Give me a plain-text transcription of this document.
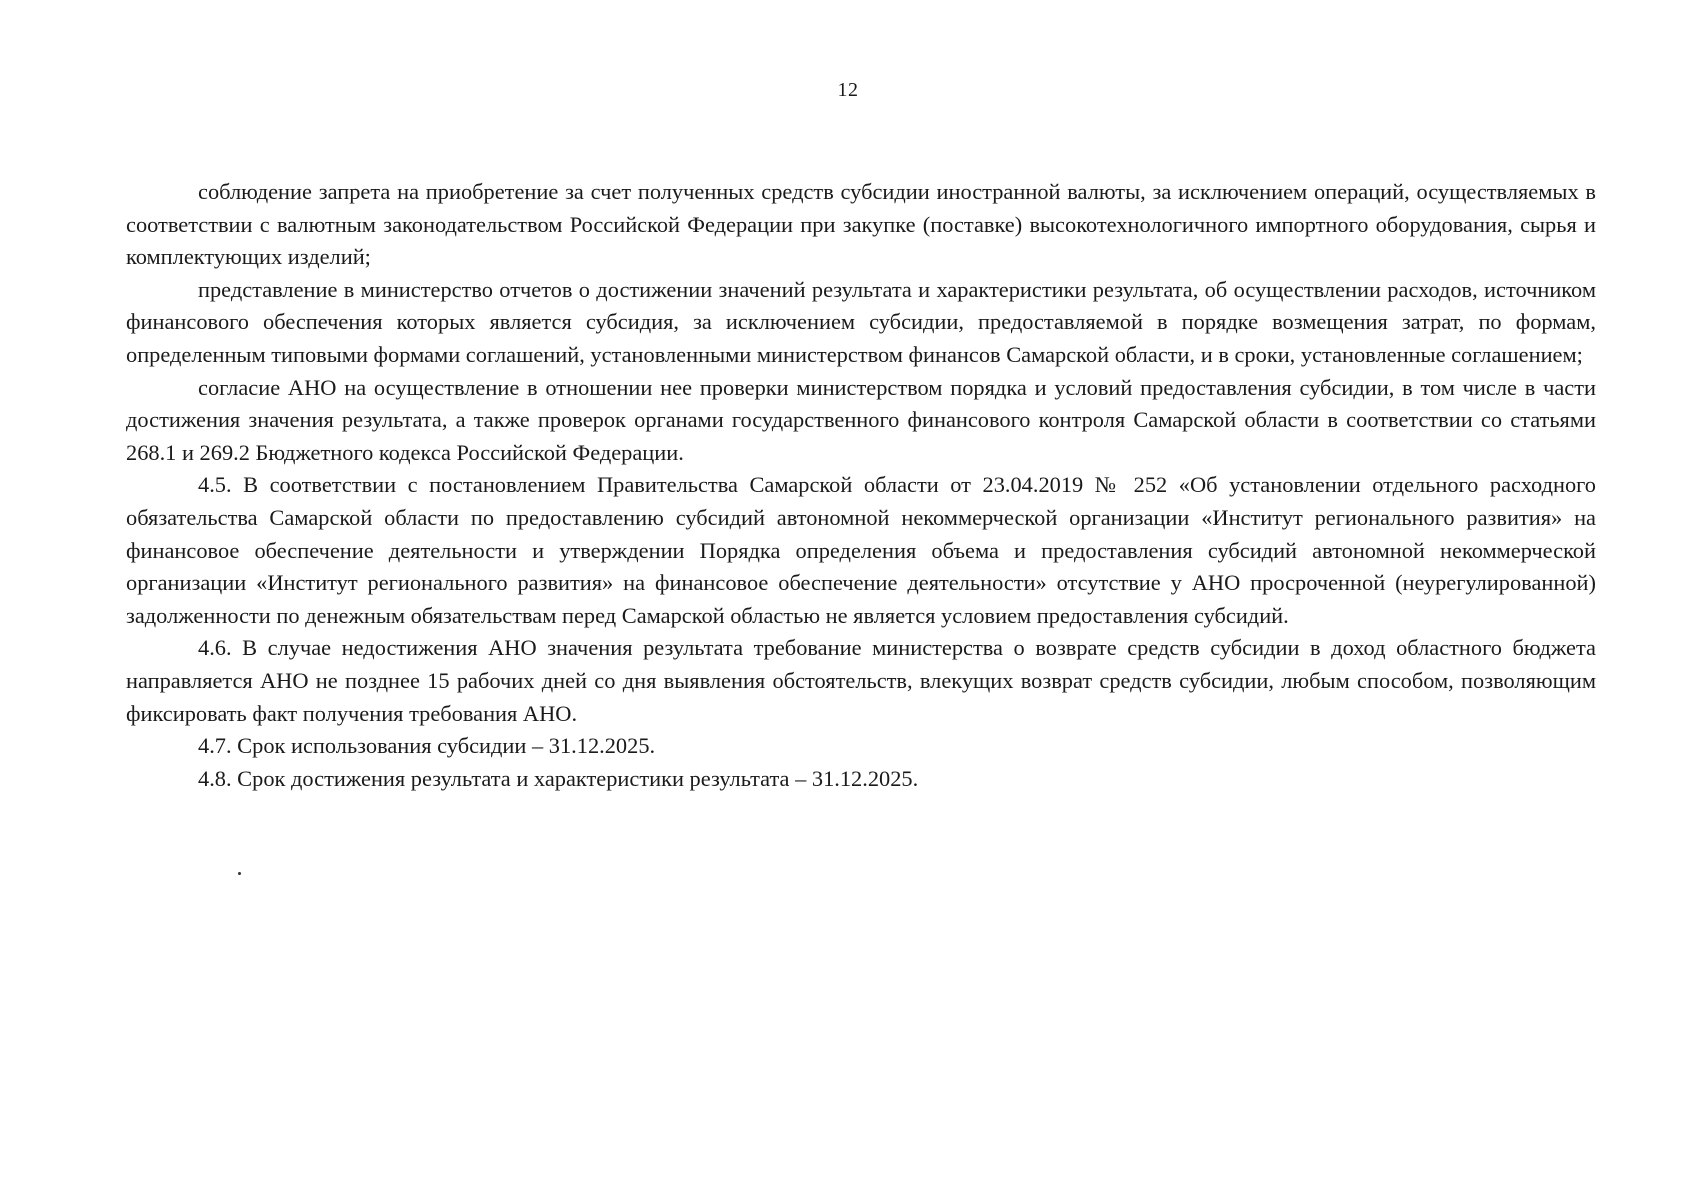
12

соблюдение запрета на приобретение за счет полученных средств субсидии иностранной валюты, за исключением операций, осуществляемых в соответствии с валютным законодательством Российской Федерации при закупке (поставке) высокотехнологичного импортного оборудования, сырья и комплектующих изделий;

представление в министерство отчетов о достижении значений результата и характеристики результата, об осуществлении расходов, источником финансового обеспечения которых является субсидия, за исключением субсидии, предоставляемой в порядке возмещения затрат, по формам, определенным типовыми формами соглашений, установленными министерством финансов Самарской области, и в сроки, установленные соглашением;

согласие АНО на осуществление в отношении нее проверки министерством порядка и условий предоставления субсидии, в том числе в части достижения значения результата, а также проверок органами государственного финансового контроля Самарской области в соответствии со статьями 268.1 и 269.2 Бюджетного кодекса Российской Федерации.

4.5. В соответствии с постановлением Правительства Самарской области от 23.04.2019 № 252 «Об установлении отдельного расходного обязательства Самарской области по предоставлению субсидий автономной некоммерческой организации «Институт регионального развития» на финансовое обеспечение деятельности и утверждении Порядка определения объема и предоставления субсидий автономной некоммерческой организации «Институт регионального развития» на финансовое обеспечение деятельности» отсутствие у АНО просроченной (неурегулированной) задолженности по денежным обязательствам перед Самарской областью не является условием предоставления субсидий.

4.6. В случае недостижения АНО значения результата требование министерства о возврате средств субсидии в доход областного бюджета направляется АНО не позднее 15 рабочих дней со дня выявления обстоятельств, влекущих возврат средств субсидии, любым способом, позволяющим фиксировать факт получения требования АНО.

4.7. Срок использования субсидии – 31.12.2025.

4.8. Срок достижения результата и характеристики результата – 31.12.2025.
